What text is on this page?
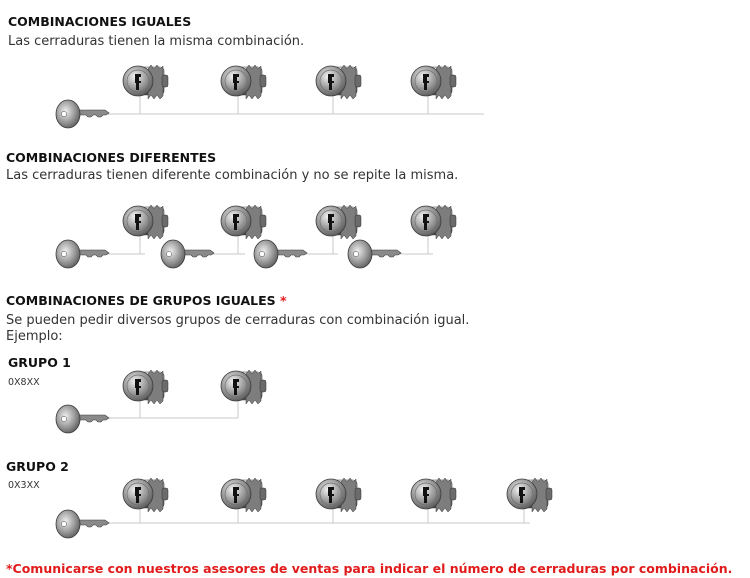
COMBINACIONES IGUALES
Las cerraduras tienen la misma combinación.
COMBINACIONES DIFERENTES
Las cerraduras tienen diferente combinación y no se repite la misma.
COMBINACIONES DE GRUPOS IGUALES *
Se pueden pedir diversos grupos de cerraduras con combinación igual.
Ejemplo:
GRUPO 1
0X8XX
GRUPO 2
0X3XX
*Comunicarse con nuestros asesores de ventas para indicar el número de cerraduras por combinación.
